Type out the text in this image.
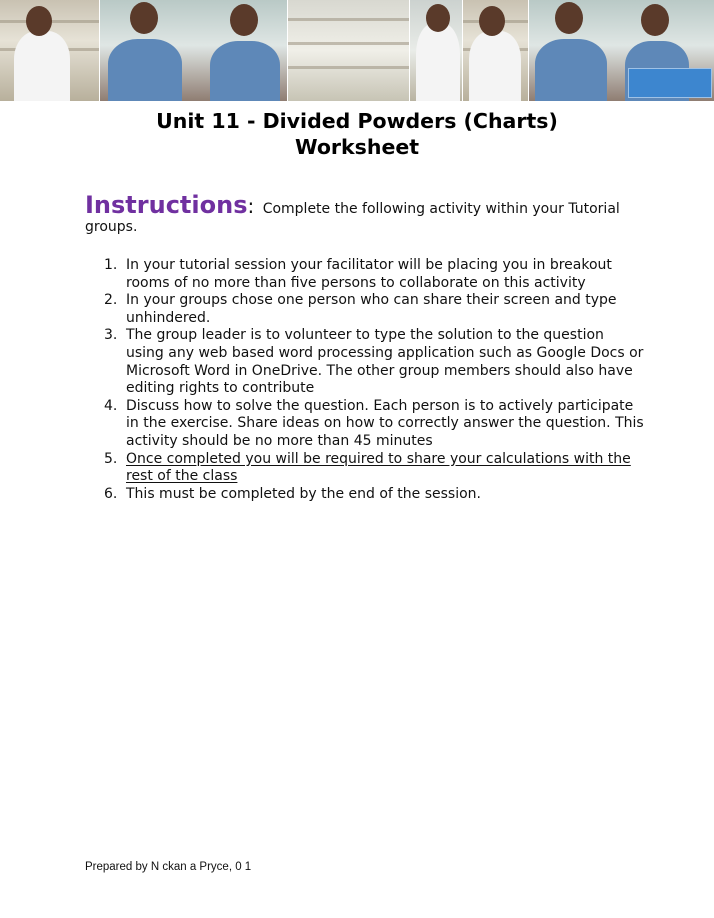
Unit 11 - Divided Powders (Charts)
Worksheet
Instructions: Complete the following activity within your Tutorial groups.
1. In your tutorial session your facilitator will be placing you in breakout rooms of no more than five persons to collaborate on this activity
2. In your groups chose one person who can share their screen and type unhindered.
3. The group leader is to volunteer to type the solution to the question using any web based word processing application such as Google Docs or Microsoft Word in OneDrive. The other group members should also have editing rights to contribute
4. Discuss how to solve the question. Each person is to actively participate in the exercise. Share ideas on how to correctly answer the question. This activity should be no more than 45 minutes
5. Once completed you will be required to share your calculations with the rest of the class
6. This must be completed by the end of the session.
Prepared by N ckan a Pryce, 0 1
